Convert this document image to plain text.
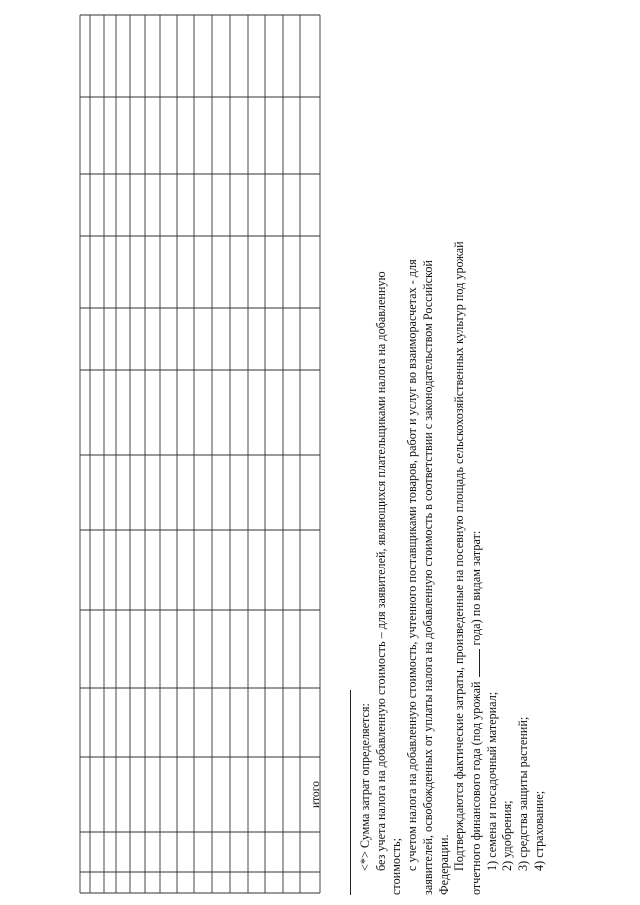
итого	<*> Сумма затрат определяется: без учета налога на добавленную стоимость – для заявителей, являющихся плательщиками налога на добавленную стоимость; с учетом налога на добавленную стоимость, учтенного поставщиками товаров, работ и услуг во взаиморасчетах - для заявителей, освобожденных от уплаты налога на добавленную стоимость в соответствии с законодательством Российской Федерации. Подтверждаются фактические затраты, произведенные на посевную площадь сельскохозяйственных культур под урожай отчетного финансового года (под урожайгода) по видам затрат:
1) семена и посадочный материал; 2) удобрения; 3) средства защиты растений; 4) страхование;
